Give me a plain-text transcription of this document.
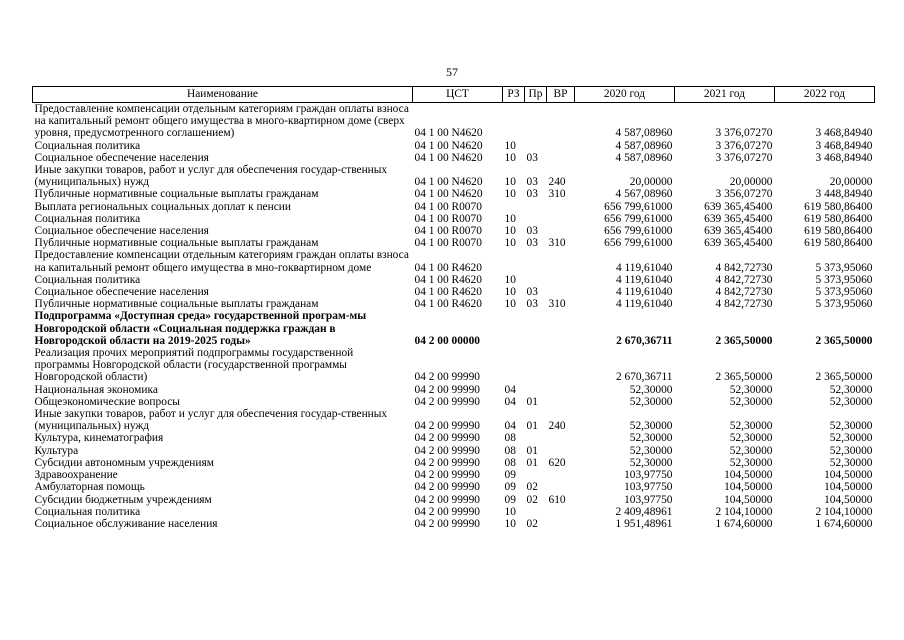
57
Наименование	ЦСТ	РЗ	Пр	ВР	2020 год	2021 год	2022 год
Предоставление компенсации отдельным категориям граждан оплаты взноса на капитальный ремонт общего имущества в много-квартирном доме (сверх уровня, предусмотренного соглашением)	04 1 00 N4620				4 587,08960	3 376,07270	3 468,84940
Социальная политика	04 1 00 N4620	10			4 587,08960	3 376,07270	3 468,84940
Социальное обеспечение населения	04 1 00 N4620	10	03		4 587,08960	3 376,07270	3 468,84940
Иные закупки товаров, работ и услуг для обеспечения государ-ственных (муниципальных) нужд	04 1 00 N4620	10	03	240	20,00000	20,00000	20,00000
Публичные нормативные социальные выплаты гражданам	04 1 00 N4620	10	03	310	4 567,08960	3 356,07270	3 448,84940
Выплата региональных социальных доплат к пенсии	04 1 00 R0070				656 799,61000	639 365,45400	619 580,86400
Социальная политика	04 1 00 R0070	10			656 799,61000	639 365,45400	619 580,86400
Социальное обеспечение населения	04 1 00 R0070	10	03		656 799,61000	639 365,45400	619 580,86400
Публичные нормативные социальные выплаты гражданам	04 1 00 R0070	10	03	310	656 799,61000	639 365,45400	619 580,86400
Предоставление компенсации отдельным категориям граждан оплаты взноса на капитальный ремонт общего имущества в мно-гоквартирном доме	04 1 00 R4620				4 119,61040	4 842,72730	5 373,95060
Социальная политика	04 1 00 R4620	10			4 119,61040	4 842,72730	5 373,95060
Социальное обеспечение населения	04 1 00 R4620	10	03		4 119,61040	4 842,72730	5 373,95060
Публичные нормативные социальные выплаты гражданам	04 1 00 R4620	10	03	310	4 119,61040	4 842,72730	5 373,95060
Подпрограмма «Доступная среда» государственной програм-мы Новгородской области «Социальная поддержка граждан в Новгородской области на 2019-2025 годы»	04 2 00 00000				2 670,36711	2 365,50000	2 365,50000
Реализация прочих мероприятий подпрограммы государственной программы Новгородской области (государственной программы Новгородской области)	04 2 00 99990				2 670,36711	2 365,50000	2 365,50000
Национальная экономика	04 2 00 99990	04			52,30000	52,30000	52,30000
Общеэкономические вопросы	04 2 00 99990	04	01		52,30000	52,30000	52,30000
Иные закупки товаров, работ и услуг для обеспечения государ-ственных (муниципальных) нужд	04 2 00 99990	04	01	240	52,30000	52,30000	52,30000
Культура, кинематография	04 2 00 99990	08			52,30000	52,30000	52,30000
Культура	04 2 00 99990	08	01		52,30000	52,30000	52,30000
Субсидии автономным учреждениям	04 2 00 99990	08	01	620	52,30000	52,30000	52,30000
Здравоохранение	04 2 00 99990	09			103,97750	104,50000	104,50000
Амбулаторная помощь	04 2 00 99990	09	02		103,97750	104,50000	104,50000
Субсидии бюджетным учреждениям	04 2 00 99990	09	02	610	103,97750	104,50000	104,50000
Социальная политика	04 2 00 99990	10			2 409,48961	2 104,10000	2 104,10000
Социальное обслуживание населения	04 2 00 99990	10	02		1 951,48961	1 674,60000	1 674,60000
